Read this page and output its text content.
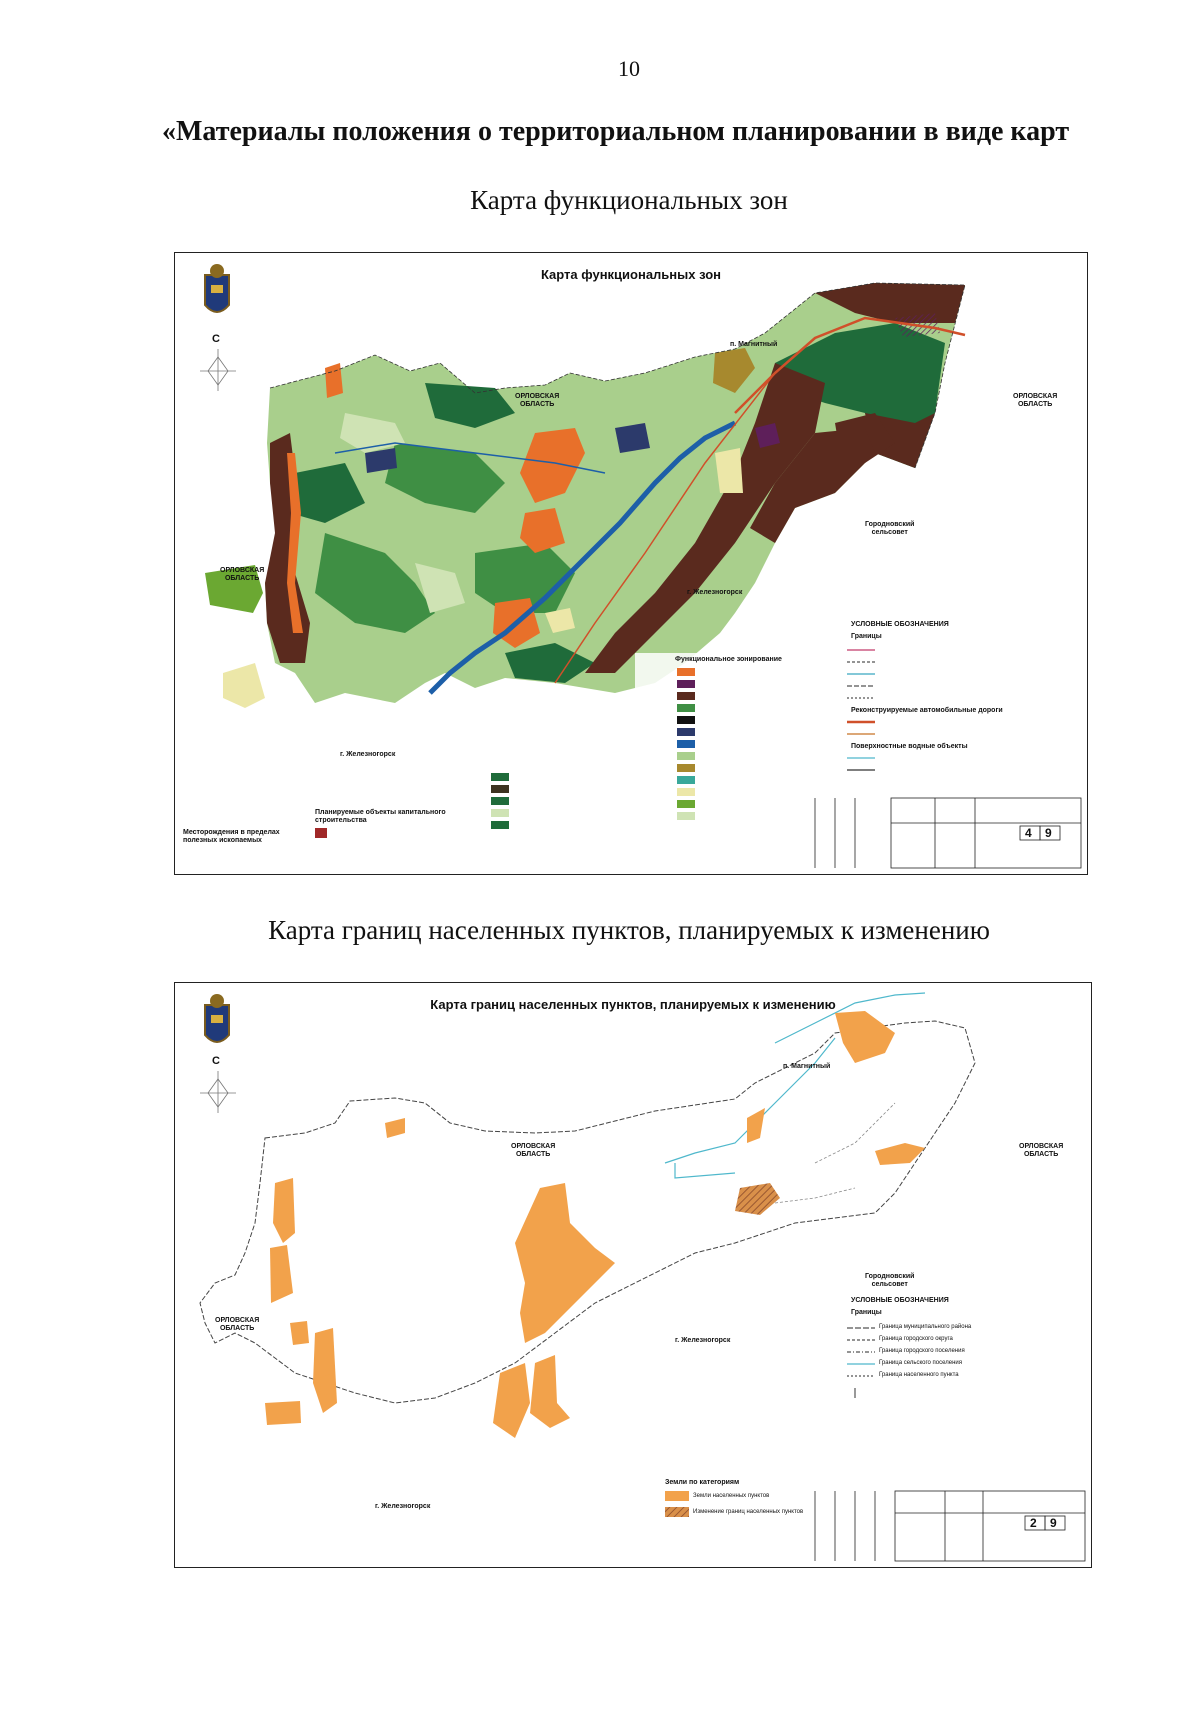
10
«Материалы положения о территориальном планировании в виде карт
Карта функциональных зон
Карта функциональных зон
С	п. Магнитный
ОРЛОВСКАЯ
ОБЛАСТЬ
ОРЛОВСКАЯ
ОБЛАСТЬ
ОРЛОВСКАЯ
ОБЛАСТЬ
Городновский
сельсовет
г. Железногорск
г. Железногорск
УСЛОВНЫЕ ОБОЗНАЧЕНИЯ
Границы
Реконструируемые автомобильные дороги
Поверхностные водные объекты
Функциональное зонирование
Месторождения в пределах
полезных ископаемых
Планируемые объекты капитального
строительства
4 9
Карта границ населенных пунктов, планируемых к изменению
Карта границ населенных пунктов, планируемых к изменению
С	п. Магнитный
ОРЛОВСКАЯ
ОБЛАСТЬ
ОРЛОВСКАЯ
ОБЛАСТЬ
ОРЛОВСКАЯ
ОБЛАСТЬ
Городновский
сельсовет
г. Железногорск
г. Железногорск
УСЛОВНЫЕ ОБОЗНАЧЕНИЯ
Границы
Граница муниципального района
Граница городского округа
Граница городского поселения
Граница сельского поселения
Граница населенного пункта
Земли по категориям
Земли населенных пунктов
Изменение границ населенных пунктов
2 9
